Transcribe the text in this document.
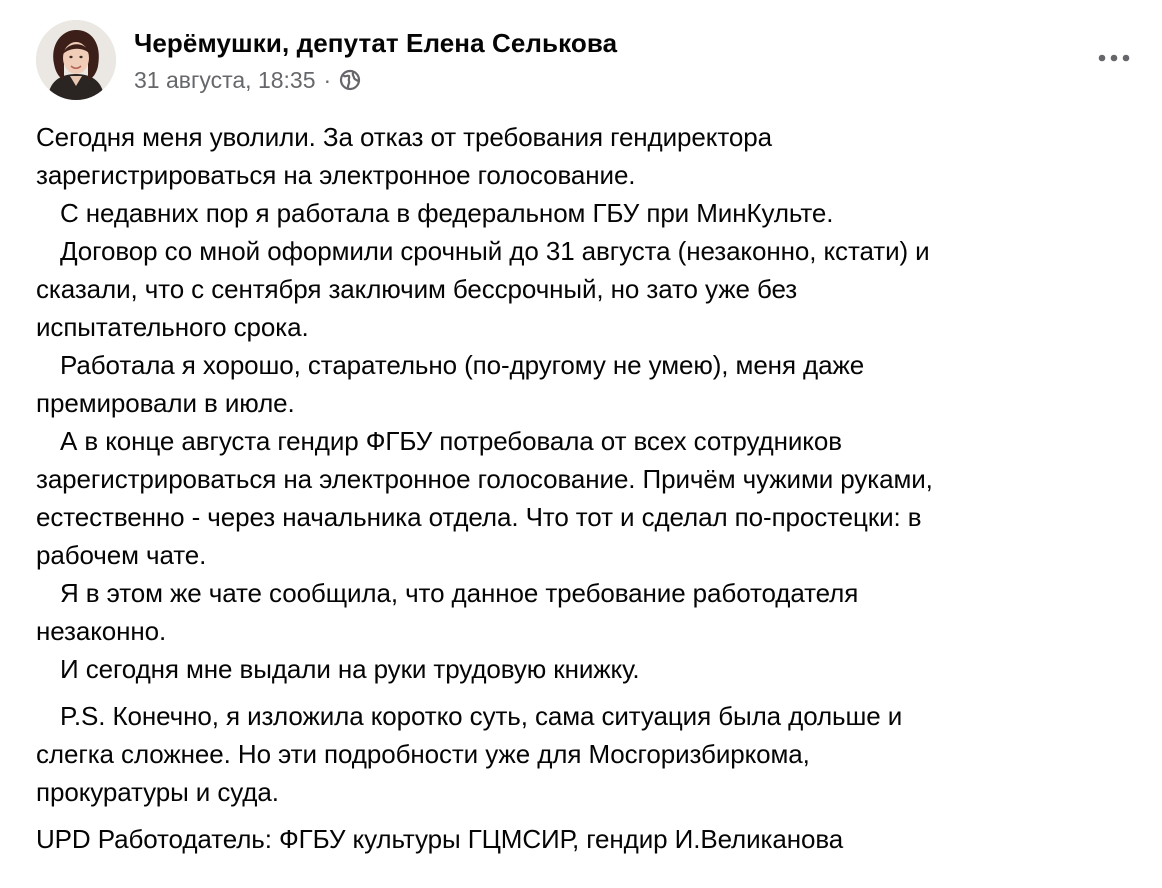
Черёмушки, депутат Елена Селькова
31 августа, 18:35 ·
Сегодня меня уволили. За отказ от требования гендиректора
зарегистрироваться на электронное голосование.
С недавних пор я работала в федеральном ГБУ при МинКульте.
Договор со мной оформили срочный до 31 августа (незаконно, кстати) и
сказали, что с сентября заключим бессрочный, но зато уже без
испытательного срока.
Работала я хорошо, старательно (по-другому не умею), меня даже
премировали в июле.
А в конце августа гендир ФГБУ потребовала от всех сотрудников
зарегистрироваться на электронное голосование. Причём чужими руками,
естественно - через начальника отдела. Что тот и сделал по-простецки: в
рабочем чате.
Я в этом же чате сообщила, что данное требование работодателя
незаконно.
И сегодня мне выдали на руки трудовую книжку.
P.S. Конечно, я изложила коротко суть, сама ситуация была дольше и
слегка сложнее. Но эти подробности уже для Мосгоризбиркома,
прокуратуры и суда.
UPD Работодатель: ФГБУ культуры ГЦМСИР, гендир И.Великанова
